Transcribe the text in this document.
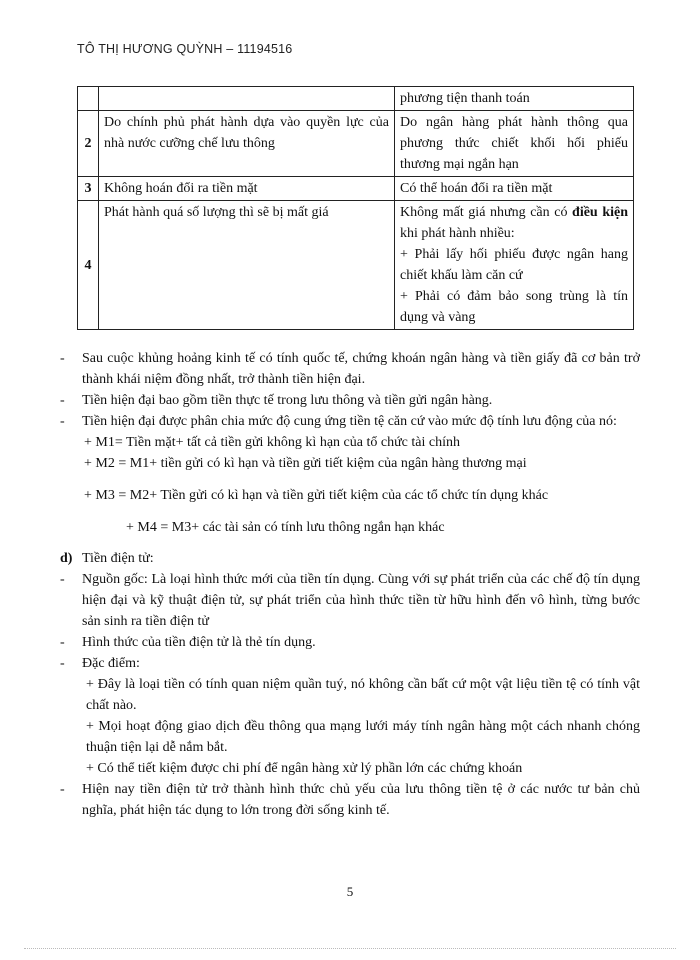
TÔ THỊ HƯƠNG QUỲNH – 11194516
		phương tiện thanh toán
2	Do chính phủ phát hành dựa vào quyền lực của nhà nước cưỡng chế lưu thông	Do ngân hàng phát hành thông qua phương thức chiết khối hối phiếu thương mại ngắn hạn
3	Không hoán đổi ra tiền mặt	Có thể hoán đổi ra tiền mặt
4	Phát hành quá số lượng thì sẽ bị mất giá	Không mất giá nhưng cần có điều kiện khi phát hành nhiều:
+ Phải lấy hối phiếu được ngân hang chiết khấu làm căn cứ
+ Phải có đảm bảo song trùng là tín dụng và vàng
- Sau cuộc khủng hoảng kinh tế có tính quốc tế, chứng khoán ngân hàng và tiền giấy đã cơ bản trở thành khái niệm đồng nhất, trở thành tiền hiện đại.
- Tiền hiện đại bao gồm tiền thực tế trong lưu thông và tiền gửi ngân hàng.
- Tiền hiện đại được phân chia mức độ cung ứng tiền tệ căn cứ vào mức độ tính lưu động của nó:
+ M1= Tiền mặt+ tất cả tiền gửi không kì hạn của tổ chức tài chính
+ M2 = M1+ tiền gửi có kì hạn và tiền gửi tiết kiệm của ngân hàng thương mại
+ M3 = M2+ Tiền gửi có kì hạn và tiền gửi tiết kiệm của các tổ chức tín dụng khác
+ M4 = M3+ các tài sản có tính lưu thông ngắn hạn khác
d) Tiền điện tử:
- Nguồn gốc: Là loại hình thức mới của tiền tín dụng. Cùng với sự phát triển của các chế độ tín dụng hiện đại và kỹ thuật điện tử, sự phát triển của hình thức tiền từ hữu hình đến vô hình, từng bước sản sinh ra tiền điện tử
- Hình thức của tiền điện tử là thẻ tín dụng.
- Đặc điểm:
+ Đây là loại tiền có tính quan niệm quần tuý, nó không cần bất cứ một vật liệu tiền tệ có tính vật chất nào.
+ Mọi hoạt động giao dịch đều thông qua mạng lưới máy tính ngân hàng một cách nhanh chóng thuận tiện lại dễ nắm bắt.
+ Có thể tiết kiệm được chi phí để ngân hàng xử lý phần lớn các chứng khoán
- Hiện nay tiền điện tử trở thành hình thức chủ yếu của lưu thông tiền tệ ở các nước tư bản chủ nghĩa, phát hiện tác dụng to lớn trong đời sống kinh tế.
5
